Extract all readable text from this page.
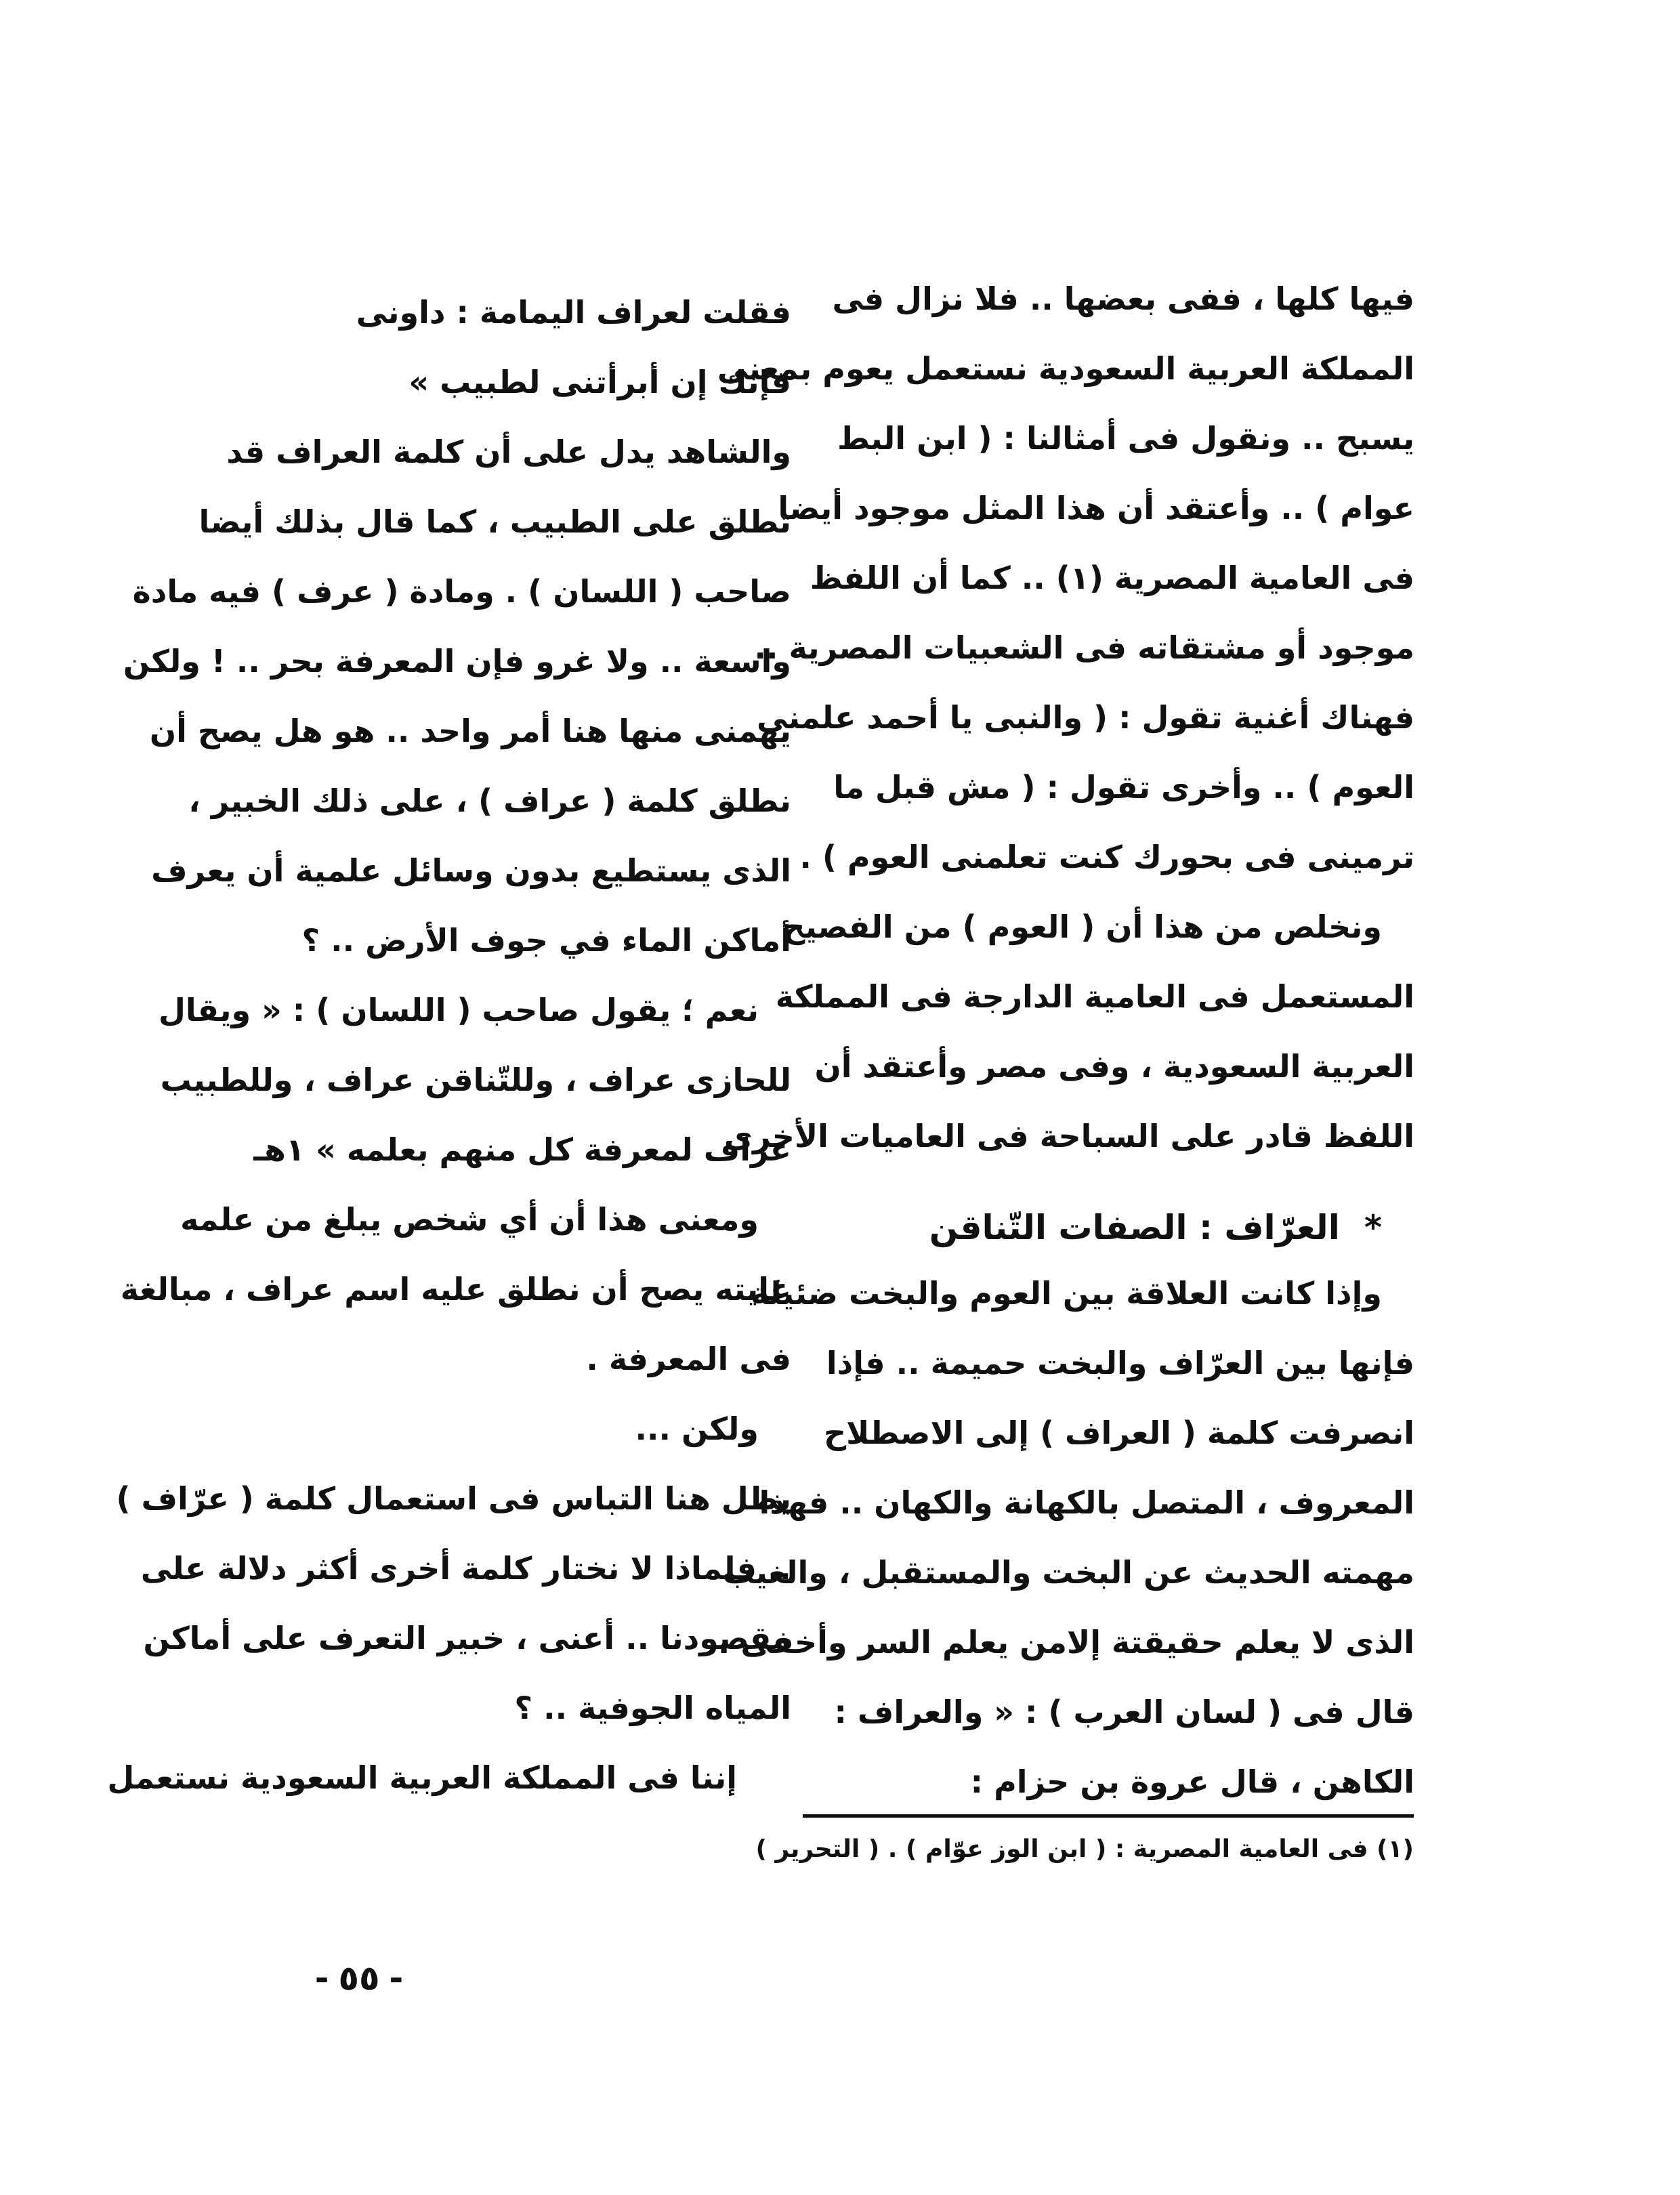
فيها كلها ، ففى بعضها .. فلا نزال فى
المملكة العربية السعودية نستعمل يعوم بمعنى
يسبح .. ونقول فى أمثالنا : ( ابن البط
عوام ) .. وأعتقد أن هذا المثل موجود أيضا
فى العامية المصرية (١) .. كما أن اللفظ
موجود أو مشتقاته فى الشعبيات المصرية ..
فهناك أغنية تقول : ( والنبى يا أحمد علمنى
العوم ) .. وأخرى تقول : ( مش قبل ما
ترمينى فى بحورك كنت تعلمنى العوم ) .
ونخلص من هذا أن ( العوم ) من الفصيح
المستعمل فى العامية الدارجة فى المملكة
العربية السعودية ، وفى مصر وأعتقد أن
اللفظ قادر على السباحة فى العاميات الأخرى
*العرّاف : الصفات التّناقن
وإذا كانت العلاقة بين العوم والبخت ضئيلة
فإنها بين العرّاف والبخت حميمة .. فإذا
انصرفت كلمة ( العراف ) إلى الاصطلاح
المعروف ، المتصل بالكهانة والكهان .. فهذا
مهمته الحديث عن البخت والمستقبل ، والغيب
الذى لا يعلم حقيقتة إلامن يعلم السر وأخفى .
قال فى ( لسان العرب ) : « والعراف :
الكاهن ، قال عروة بن حزام :
فقلت لعراف اليمامة : داونى
فإنك إن أبرأتنى لطبيب »
والشاهد يدل على أن كلمة العراف قد
تطلق على الطبيب ، كما قال بذلك أيضا
صاحب ( اللسان ) . ومادة ( عرف ) فيه مادة
واسعة .. ولا غرو فإن المعرفة بحر .. ! ولكن
يهمنى منها هنا أمر واحد .. هو هل يصح أن
نطلق كلمة ( عراف ) ، على ذلك الخبير ،
الذى يستطيع بدون وسائل علمية أن يعرف
أماكن الماء في جوف الأرض .. ؟
نعم ؛ يقول صاحب ( اللسان ) : « ويقال
للحازى عراف ، وللتّناقن عراف ، وللطبيب
عراف لمعرفة كل منهم بعلمه » ١هـ
ومعنى هذا أن أي شخص يبلغ من علمه
غايته يصح أن نطلق عليه اسم عراف ، مبالغة
فى المعرفة .
ولكن ...
يظل هنا التباس فى استعمال كلمة ( عرّاف )
.. فلماذا لا نختار كلمة أخرى أكثر دلالة على
مقصودنا .. أعنى ، خبير التعرف على أماكن
المياه الجوفية .. ؟
إننا فى المملكة العربية السعودية نستعمل
(١) فى العامية المصرية : ( ابن الوز عوّام ) . ( التحرير )
- ٥٥ -
